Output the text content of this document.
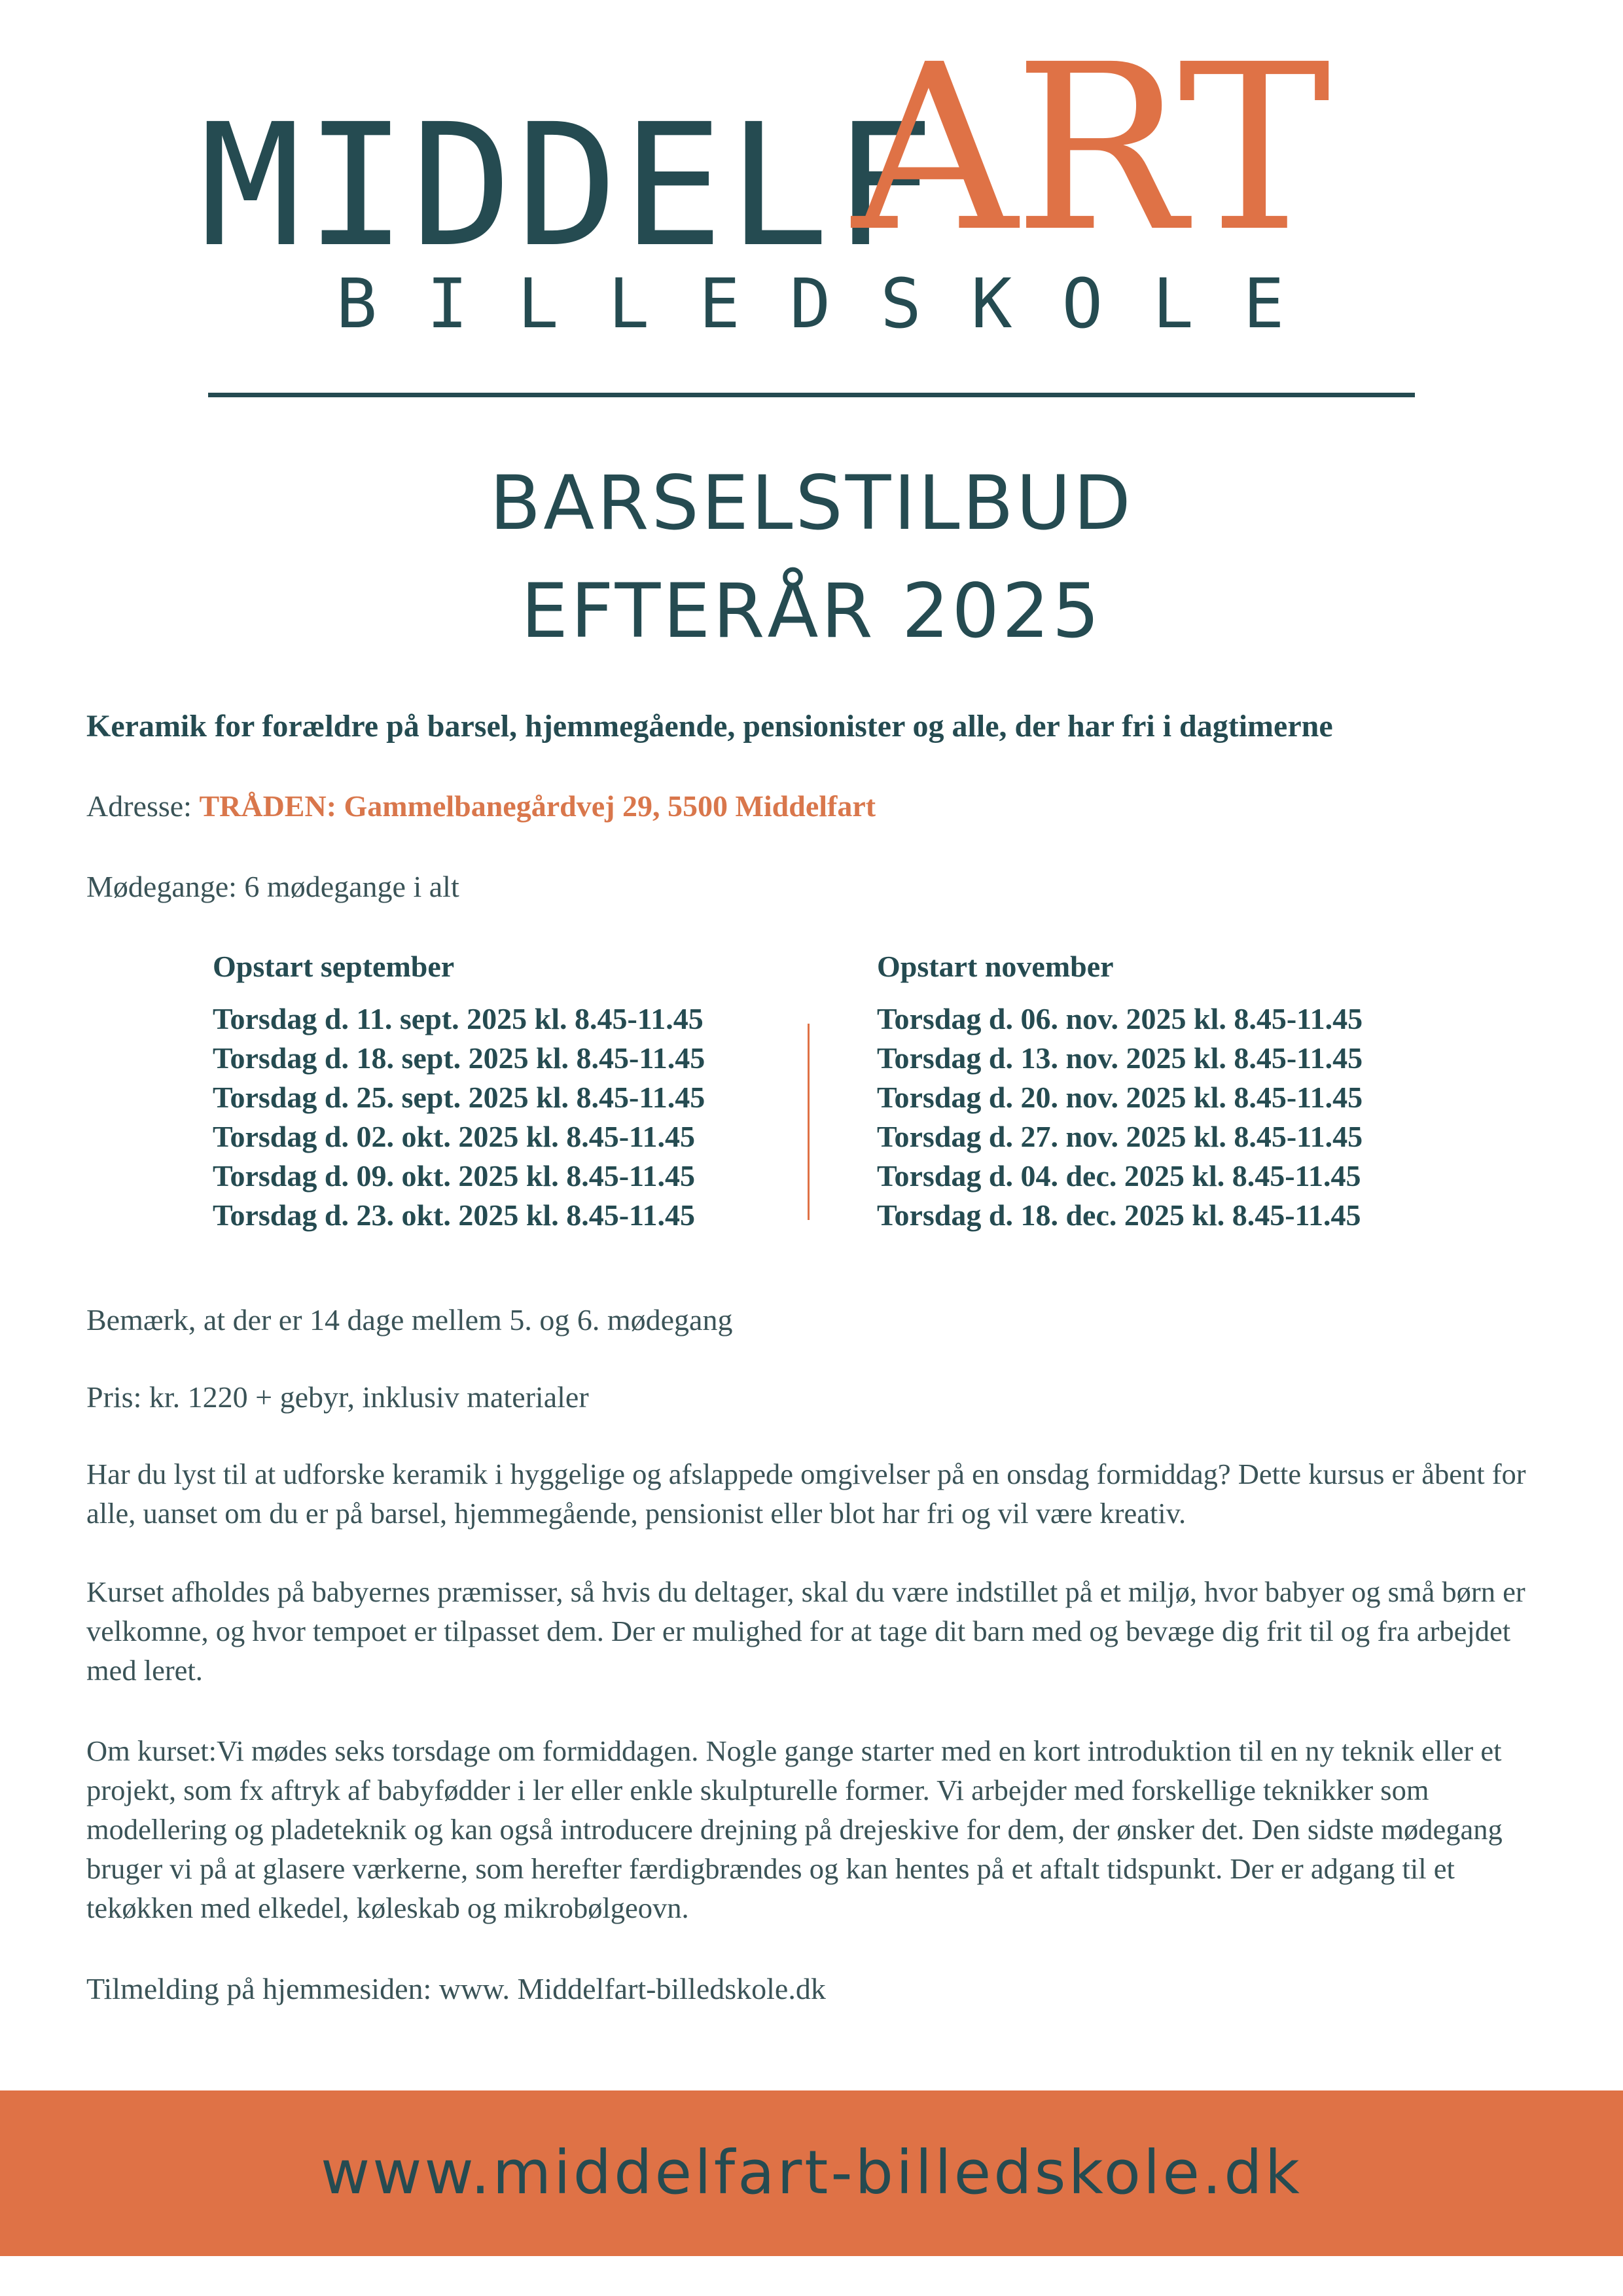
MIDDELF
ART
BILLEDSKOLE
BARSELSTILBUD
EFTERÅR 2025
Keramik for forældre på barsel, hjemmegående, pensionister og alle, der har fri i dagtimerne
Adresse: TRÅDEN: Gammelbanegårdvej 29, 5500 Middelfart
Mødegange: 6 mødegange i alt
Opstart september
Torsdag d. 11. sept. 2025 kl. 8.45-11.45
Torsdag d. 18. sept. 2025 kl. 8.45-11.45
Torsdag d. 25. sept. 2025 kl. 8.45-11.45
Torsdag d. 02. okt. 2025 kl. 8.45-11.45
Torsdag d. 09. okt. 2025 kl. 8.45-11.45
Torsdag d. 23. okt. 2025 kl. 8.45-11.45
Opstart november
Torsdag d. 06. nov. 2025 kl. 8.45-11.45
Torsdag d. 13. nov. 2025 kl. 8.45-11.45
Torsdag d. 20. nov. 2025 kl. 8.45-11.45
Torsdag d. 27. nov. 2025 kl. 8.45-11.45
Torsdag d. 04. dec. 2025 kl. 8.45-11.45
Torsdag d. 18. dec. 2025 kl. 8.45-11.45
Bemærk, at der er 14 dage mellem 5. og 6. mødegang
Pris: kr. 1220 + gebyr, inklusiv materialer

Har du lyst til at udforske keramik i hyggelige og afslappede omgivelser på en onsdag formiddag? Dette kursus er åbent for alle, uanset om du er på barsel, hjemmegående, pensionist eller blot har fri og vil være kreativ.

Kurset afholdes på babyernes præmisser, så hvis du deltager, skal du være indstillet på et miljø, hvor babyer og små børn er velkomne, og hvor tempoet er tilpasset dem. Der er mulighed for at tage dit barn med og bevæge dig frit til og fra arbejdet med leret.

Om kurset:Vi mødes seks torsdage om formiddagen. Nogle gange starter med en kort introduktion til en ny teknik eller et projekt, som fx aftryk af babyfødder i ler eller enkle skulpturelle former. Vi arbejder med forskellige teknikker som modellering og pladeteknik og kan også introducere drejning på drejeskive for dem, der ønsker det. Den sidste mødegang bruger vi på at glasere værkerne, som herefter færdigbrændes og kan hentes på et aftalt tidspunkt. Der er adgang til et tekøkken med elkedel, køleskab og mikrobølgeovn.

Tilmelding på hjemmesiden: www. Middelfart-billedskole.dk
www.middelfart-billedskole.dk
